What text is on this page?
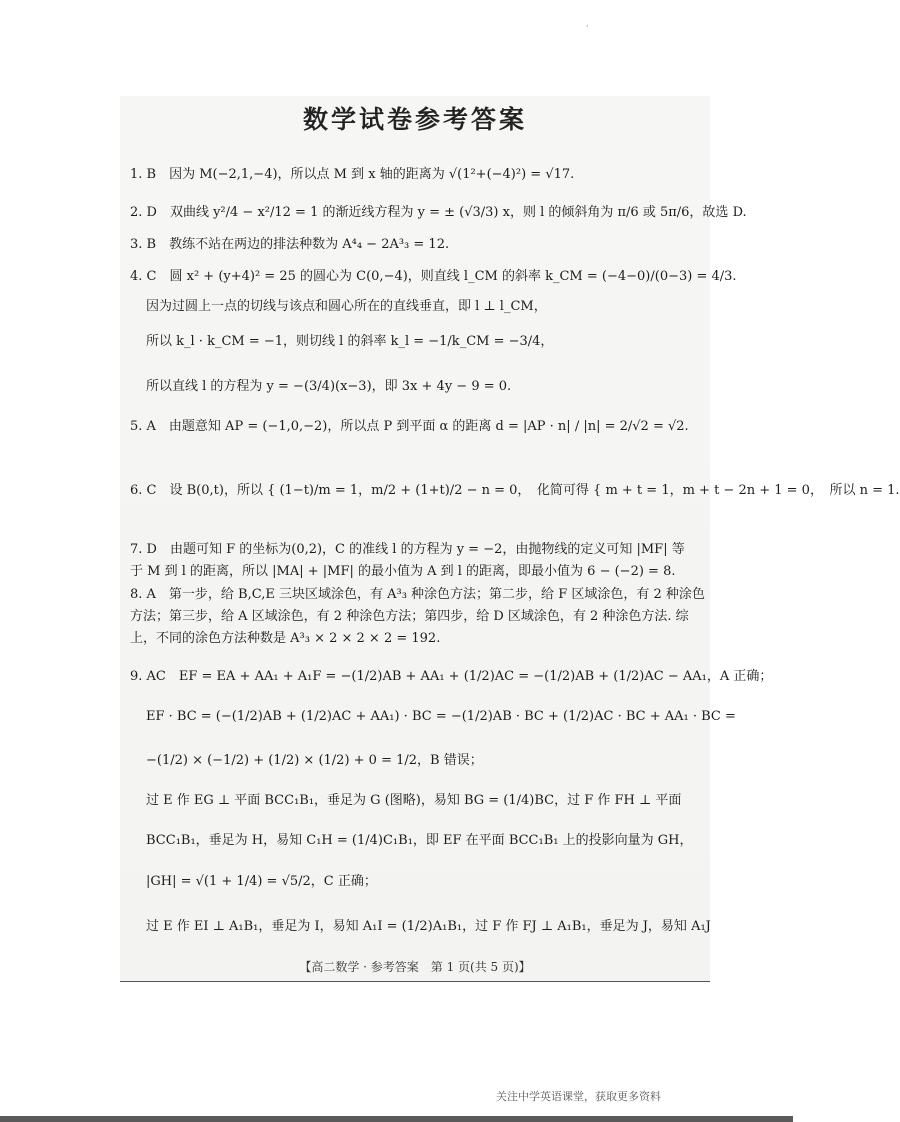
·
数学试卷参考答案
1. B　因为 M(−2,1,−4)，所以点 M 到 x 轴的距离为 √(1²+(−4)²) = √17.
2. D　双曲线 y²/4 − x²/12 = 1 的渐近线方程为 y = ± (√3/3) x，则 l 的倾斜角为 π/6 或 5π/6，故选 D.
3. B　教练不站在两边的排法种数为 A⁴₄ − 2A³₃ = 12.
4. C　圆 x² + (y+4)² = 25 的圆心为 C(0,−4)，则直线 l_CM 的斜率 k_CM = (−4−0)/(0−3) = 4/3.
因为过圆上一点的切线与该点和圆心所在的直线垂直，即 l ⊥ l_CM，
所以 k_l · k_CM = −1，则切线 l 的斜率 k_l = −1/k_CM = −3/4，
所以直线 l 的方程为 y = −(3/4)(x−3)，即 3x + 4y − 9 = 0.
5. A　由题意知 AP = (−1,0,−2)，所以点 P 到平面 α 的距离 d = |AP · n| / |n| = 2/√2 = √2.
6. C　设 B(0,t)，所以 { (1−t)/m = 1，m/2 + (1+t)/2 − n = 0，　化简可得 { m + t = 1，m + t − 2n + 1 = 0，　所以 n = 1.
7. D　由题可知 F 的坐标为(0,2)，C 的准线 l 的方程为 y = −2，由抛物线的定义可知 |MF| 等
于 M 到 l 的距离，所以 |MA| + |MF| 的最小值为 A 到 l 的距离，即最小值为 6 − (−2) = 8.
8. A　第一步，给 B,C,E 三块区域涂色，有 A³₃ 种涂色方法；第二步，给 F 区域涂色，有 2 种涂色
方法；第三步，给 A 区域涂色，有 2 种涂色方法；第四步，给 D 区域涂色，有 2 种涂色方法. 综
上，不同的涂色方法种数是 A³₃ × 2 × 2 × 2 = 192.
9. AC　EF = EA + AA₁ + A₁F = −(1/2)AB + AA₁ + (1/2)AC = −(1/2)AB + (1/2)AC − AA₁，A 正确；
EF · BC = (−(1/2)AB + (1/2)AC + AA₁) · BC = −(1/2)AB · BC + (1/2)AC · BC + AA₁ · BC =
−(1/2) × (−1/2) + (1/2) × (1/2) + 0 = 1/2，B 错误；
过 E 作 EG ⊥ 平面 BCC₁B₁，垂足为 G (图略)，易知 BG = (1/4)BC，过 F 作 FH ⊥ 平面
BCC₁B₁，垂足为 H，易知 C₁H = (1/4)C₁B₁，即 EF 在平面 BCC₁B₁ 上的投影向量为 GH，
|GH| = √(1 + 1/4) = √5/2，C 正确；
过 E 作 EI ⊥ A₁B₁，垂足为 I，易知 A₁I = (1/2)A₁B₁，过 F 作 FJ ⊥ A₁B₁，垂足为 J，易知 A₁J
【高二数学 · 参考答案　第 1 页(共 5 页)】
关注中学英语课堂，获取更多资料
